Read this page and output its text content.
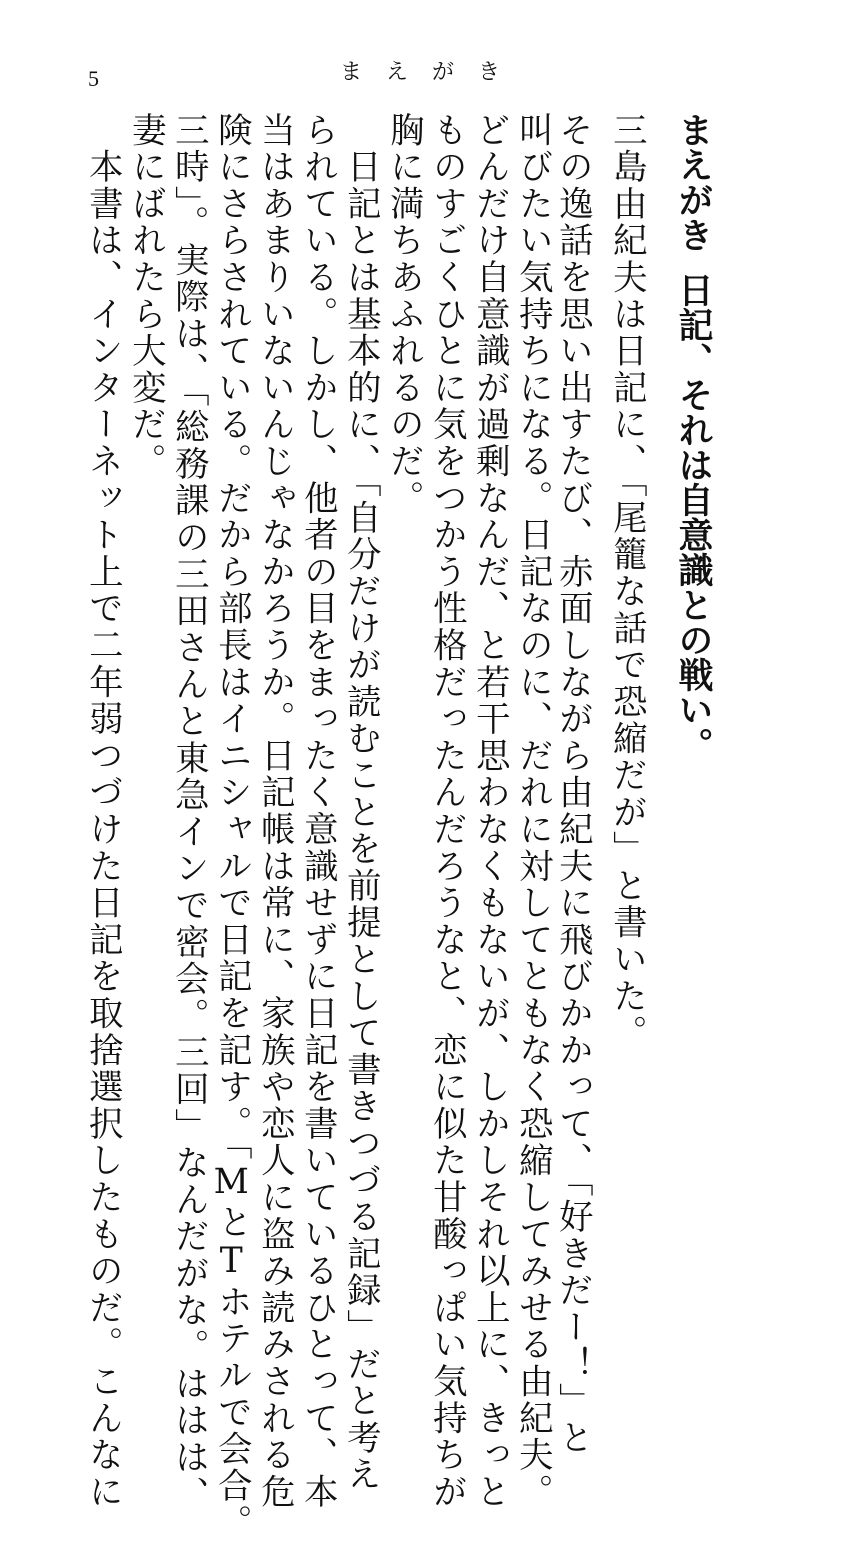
5	ま え が き
まえがき日記、それは自意識との戦い。
三島由紀夫は日記に、「尾籠な話で恐縮だが」と書いた。
その逸話を思い出すたび、赤面しながら由紀夫に飛びかかって、「好きだー！」と
叫びたい気持ちになる。日記なのに、だれに対してともなく恐縮してみせる由紀夫。
どんだけ自意識が過剰なんだ、と若干思わなくもないが、しかしそれ以上に、きっと
ものすごくひとに気をつかう性格だったんだろうなと、恋に似た甘酸っぱい気持ちが
胸に満ちあふれるのだ。
　日記とは基本的に、「自分だけが読むことを前提として書きつづる記録」だと考え
られている。しかし、他者の目をまったく意識せずに日記を書いているひとって、本
当はあまりいないんじゃなかろうか。日記帳は常に、家族や恋人に盗み読みされる危
険にさらされている。だから部長はイニシャルで日記を記す。「MとTホテルで会合。
三時」。実際は、「総務課の三田さんと東急インで密会。三回」なんだがな。ははは、
妻にばれたら大変だ。
　本書は、インターネット上で二年弱つづけた日記を取捨選択したものだ。こんなに
